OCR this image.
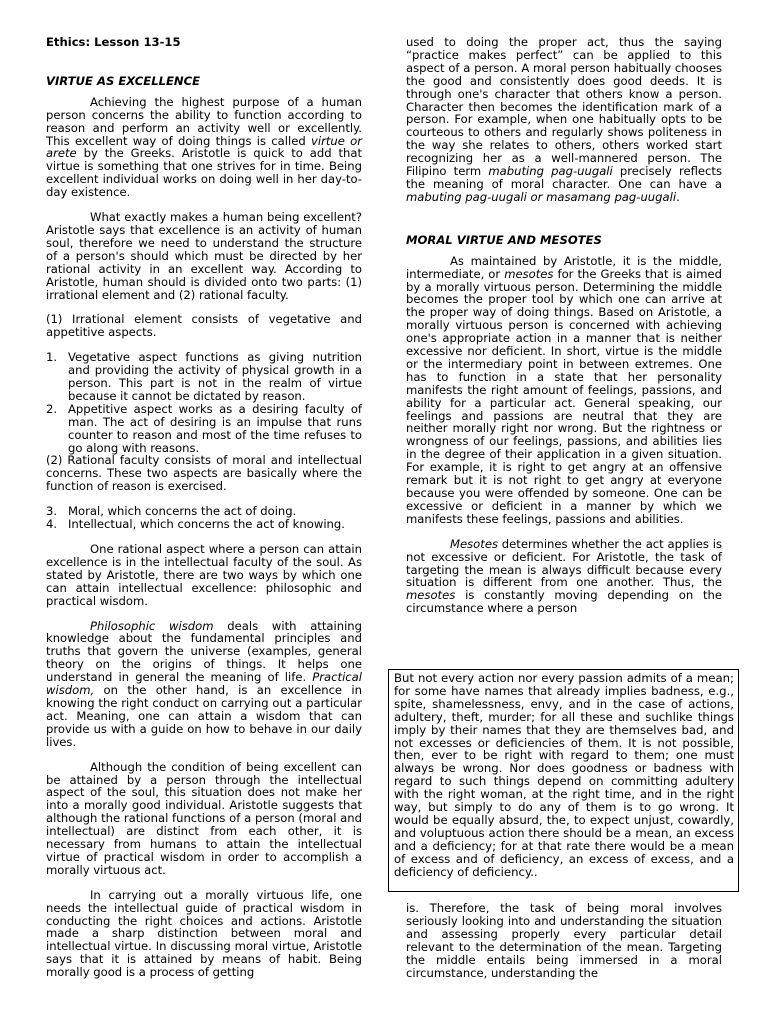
Ethics: Lesson 13-15

VIRTUE AS EXCELLENCE

Achieving the highest purpose of a human person concerns the ability to function according to reason and perform an activity well or excellently. This excellent way of doing things is called virtue or arete by the Greeks. Aristotle is quick to add that virtue is something that one strives for in time. Being excellent individual works on doing well in her day-to-day existence.

What exactly makes a human being excellent? Aristotle says that excellence is an activity of human soul, therefore we need to understand the structure of a person's should which must be directed by her rational activity in an excellent way. According to Aristotle, human should is divided onto two parts: (1) irrational element and (2) rational faculty.

(1) Irrational element consists of vegetative and appetitive aspects.

1. Vegetative aspect functions as giving nutrition and providing the activity of physical growth in a person. This part is not in the realm of virtue because it cannot be dictated by reason.
2. Appetitive aspect works as a desiring faculty of man. The act of desiring is an impulse that runs counter to reason and most of the time refuses to go along with reasons.

(2) Rational faculty consists of moral and intellectual concerns. These two aspects are basically where the function of reason is exercised.

3. Moral, which concerns the act of doing.
4. Intellectual, which concerns the act of knowing.

One rational aspect where a person can attain excellence is in the intellectual faculty of the soul. As stated by Aristotle, there are two ways by which one can attain intellectual excellence: philosophic and practical wisdom.

Philosophic wisdom deals with attaining knowledge about the fundamental principles and truths that govern the universe (examples, general theory on the origins of things. It helps one understand in general the meaning of life. Practical wisdom, on the other hand, is an excellence in knowing the right conduct on carrying out a particular act. Meaning, one can attain a wisdom that can provide us with a guide on how to behave in our daily lives.

Although the condition of being excellent can be attained by a person through the intellectual aspect of the soul, this situation does not make her into a morally good individual. Aristotle suggests that although the rational functions of a person (moral and intellectual) are distinct from each other, it is necessary from humans to attain the intellectual virtue of practical wisdom in order to accomplish a morally virtuous act.

In carrying out a morally virtuous life, one needs the intellectual guide of practical wisdom in conducting the right choices and actions. Aristotle made a sharp distinction between moral and intellectual virtue. In discussing moral virtue, Aristotle says that it is attained by means of habit. Being morally good is a process of getting

used to doing the proper act, thus the saying “practice makes perfect” can be applied to this aspect of a person. A moral person habitually chooses the good and consistently does good deeds. It is through one's character that others know a person. Character then becomes the identification mark of a person. For example, when one habitually opts to be courteous to others and regularly shows politeness in the way she relates to others, others worked start recognizing her as a well-mannered person. The Filipino term mabuting pag-uugali precisely reflects the meaning of moral character. One can have a mabuting pag-uugali or masamang pag-uugali.

MORAL VIRTUE AND MESOTES

As maintained by Aristotle, it is the middle, intermediate, or mesotes for the Greeks that is aimed by a morally virtuous person. Determining the middle becomes the proper tool by which one can arrive at the proper way of doing things. Based on Aristotle, a morally virtuous person is concerned with achieving one's appropriate action in a manner that is neither excessive nor deficient. In short, virtue is the middle or the intermediary point in between extremes. One has to function in a state that her personality manifests the right amount of feelings, passions, and ability for a particular act. General speaking, our feelings and passions are neutral that they are neither morally right nor wrong. But the rightness or wrongness of our feelings, passions, and abilities lies in the degree of their application in a given situation. For example, it is right to get angry at an offensive remark but it is not right to get angry at everyone because you were offended by someone. One can be excessive or deficient in a manner by which we manifests these feelings, passions and abilities.

Mesotes determines whether the act applies is not excessive or deficient. For Aristotle, the task of targeting the mean is always difficult because every situation is different from one another. Thus, the mesotes is constantly moving depending on the circumstance where a person

But not every action nor every passion admits of a mean; for some have names that already implies badness, e.g., spite, shamelessness, envy, and in the case of actions, adultery, theft, murder; for all these and suchlike things imply by their names that they are themselves bad, and not excesses or deficiencies of them. It is not possible, then, ever to be right with regard to them; one must always be wrong. Nor does goodness or badness with regard to such things depend on committing adultery with the right woman, at the right time, and in the right way, but simply to do any of them is to go wrong. It would be equally absurd, the, to expect unjust, cowardly, and voluptuous action there should be a mean, an excess and a deficiency; for at that rate there would be a mean of excess and of deficiency, an excess of excess, and a deficiency of deficiency..

is. Therefore, the task of being moral involves seriously looking into and understanding the situation and assessing properly every particular detail relevant to the determination of the mean. Targeting the middle entails being immersed in a moral circumstance, understanding the
